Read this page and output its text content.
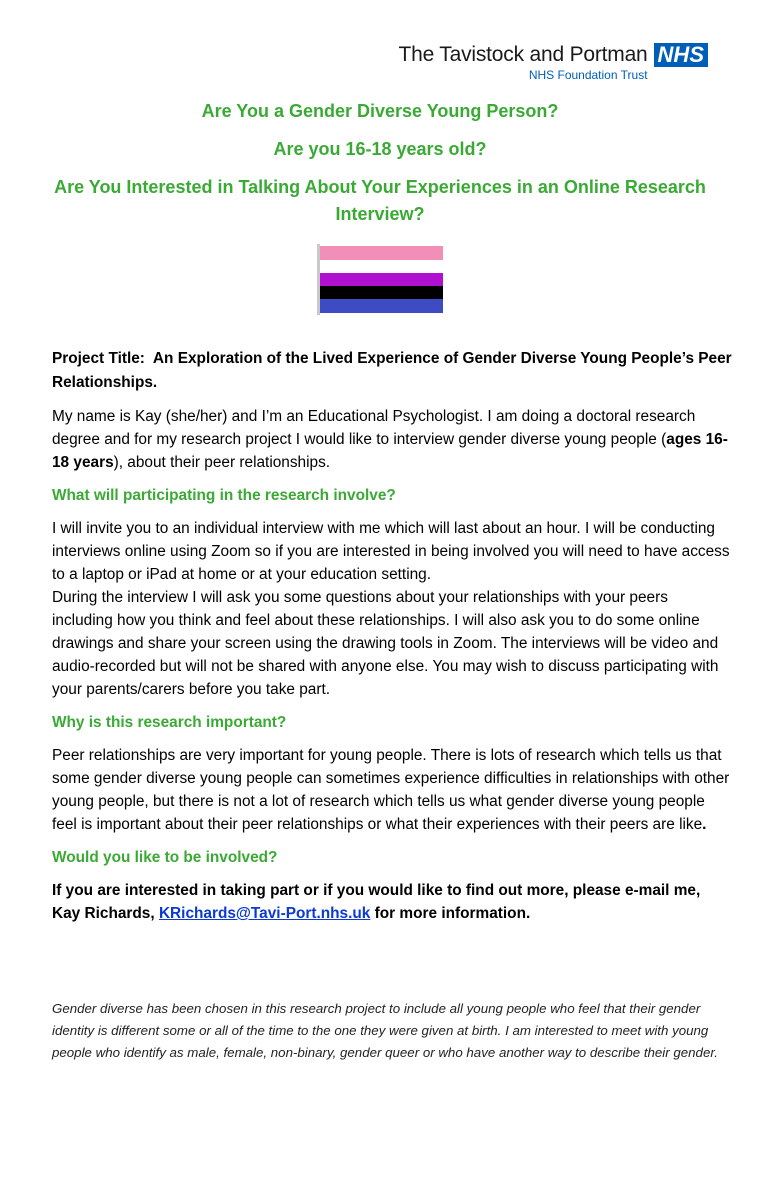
The Tavistock and Portman
NHS Foundation Trust
NHS
Are You a Gender Diverse Young Person?
Are you 16-18 years old?
Are You Interested in Talking About Your Experiences in an Online Research Interview?

Project Title: An Exploration of the Lived Experience of Gender Diverse Young People’s Peer Relationships.

My name is Kay (she/her) and I’m an Educational Psychologist. I am doing a doctoral research degree and for my research project I would like to interview gender diverse young people (ages 16-18 years), about their peer relationships.

What will participating in the research involve?

I will invite you to an individual interview with me which will last about an hour. I will be conducting interviews online using Zoom so if you are interested in being involved you will need to have access to a laptop or iPad at home or at your education setting.

During the interview I will ask you some questions about your relationships with your peers including how you think and feel about these relationships. I will also ask you to do some online drawings and share your screen using the drawing tools in Zoom. The interviews will be video and audio-recorded but will not be shared with anyone else. You may wish to discuss participating with your parents/carers before you take part.

Why is this research important?

Peer relationships are very important for young people. There is lots of research which tells us that some gender diverse young people can sometimes experience difficulties in relationships with other young people, but there is not a lot of research which tells us what gender diverse young people feel is important about their peer relationships or what their experiences with their peers are like.

Would you like to be involved?

If you are interested in taking part or if you would like to find out more, please e-mail me, Kay Richards, KRichards@Tavi-Port.nhs.uk for more information.

Gender diverse has been chosen in this research project to include all young people who feel that their gender identity is different some or all of the time to the one they were given at birth. I am interested to meet with young people who identify as male, female, non-binary, gender queer or who have another way to describe their gender.
